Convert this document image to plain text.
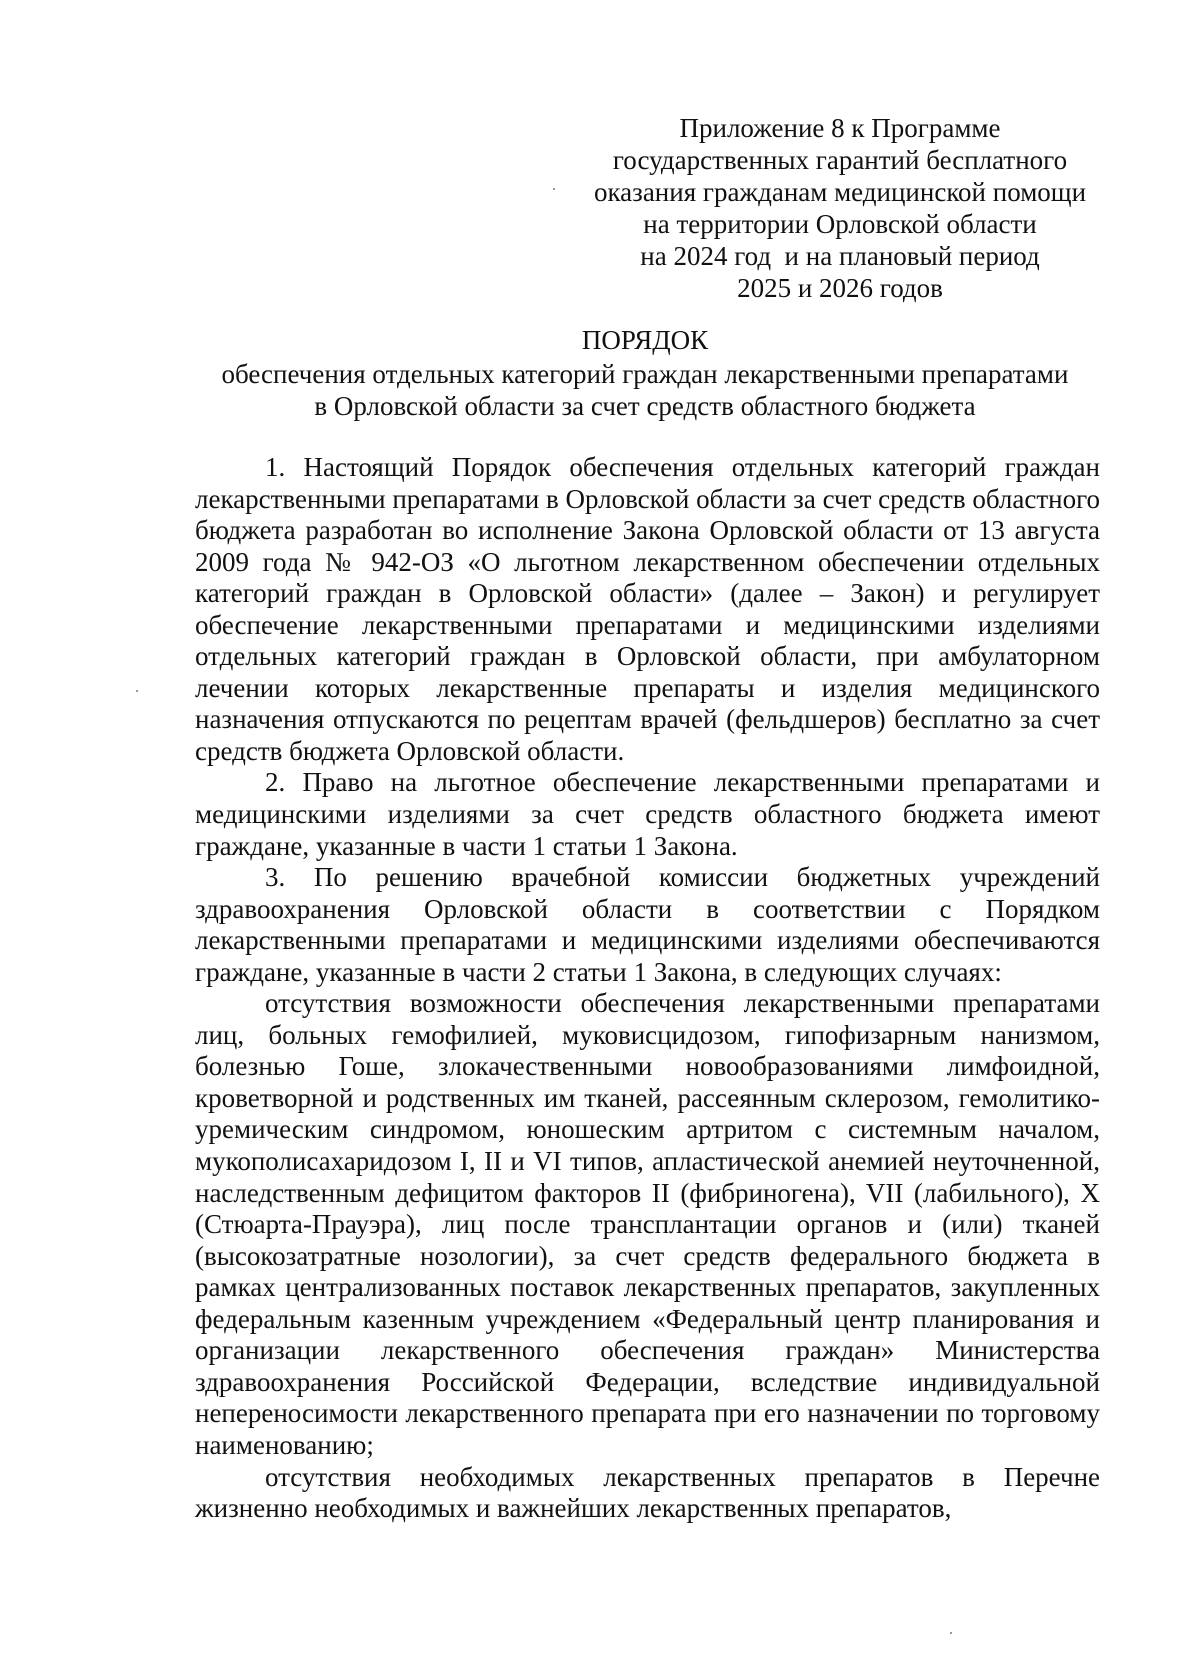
Приложение 8 к Программе
государственных гарантий бесплатного
оказания гражданам медицинской помощи
на территории Орловской области
на 2024 год  и на плановый период
2025 и 2026 годов
ПОРЯДОК
обеспечения отдельных категорий граждан лекарственными препаратами
в Орловской области за счет средств областного бюджета

1. Настоящий Порядок обеспечения отдельных категорий граждан лекарственными препаратами в Орловской области за счет средств областного бюджета разработан во исполнение Закона Орловской области от 13 августа 2009 года № 942-ОЗ «О льготном лекарственном обеспечении отдельных категорий граждан в Орловской области» (далее – Закон) и регулирует обеспечение лекарственными препаратами и медицинскими изделиями отдельных категорий граждан в Орловской области, при амбулаторном лечении которых лекарственные препараты и изделия медицинского назначения отпускаются по рецептам врачей (фельдшеров) бесплатно за счет средств бюджета Орловской области.

2. Право на льготное обеспечение лекарственными препаратами и медицинскими изделиями за счет средств областного бюджета имеют граждане, указанные в части 1 статьи 1 Закона.

3. По решению врачебной комиссии бюджетных учреждений здравоохранения Орловской области в соответствии с Порядком лекарственными препаратами и медицинскими изделиями обеспечиваются граждане, указанные в части 2 статьи 1 Закона, в следующих случаях:

отсутствия возможности обеспечения лекарственными препаратами лиц, больных гемофилией, муковисцидозом, гипофизарным нанизмом, болезнью Гоше, злокачественными новообразованиями лимфоидной, кроветворной и родственных им тканей, рассеянным склерозом, гемолитико-уремическим синдромом, юношеским артритом с системным началом, мукополисахаридозом I, II и VI типов, апластической анемией неуточненной, наследственным дефицитом факторов II (фибриногена), VII (лабильного), X (Стюарта-Прауэра), лиц после трансплантации органов и (или) тканей (высокозатратные нозологии), за счет средств федерального бюджета в рамках централизованных поставок лекарственных препаратов, закупленных федеральным казенным учреждением «Федеральный центр планирования и организации лекарственного обеспечения граждан» Министерства здравоохранения Российской Федерации, вследствие индивидуальной непереносимости лекарственного препарата при его назначении по торговому наименованию;

отсутствия необходимых лекарственных препаратов в Перечне жизненно необходимых и важнейших лекарственных препаратов,
